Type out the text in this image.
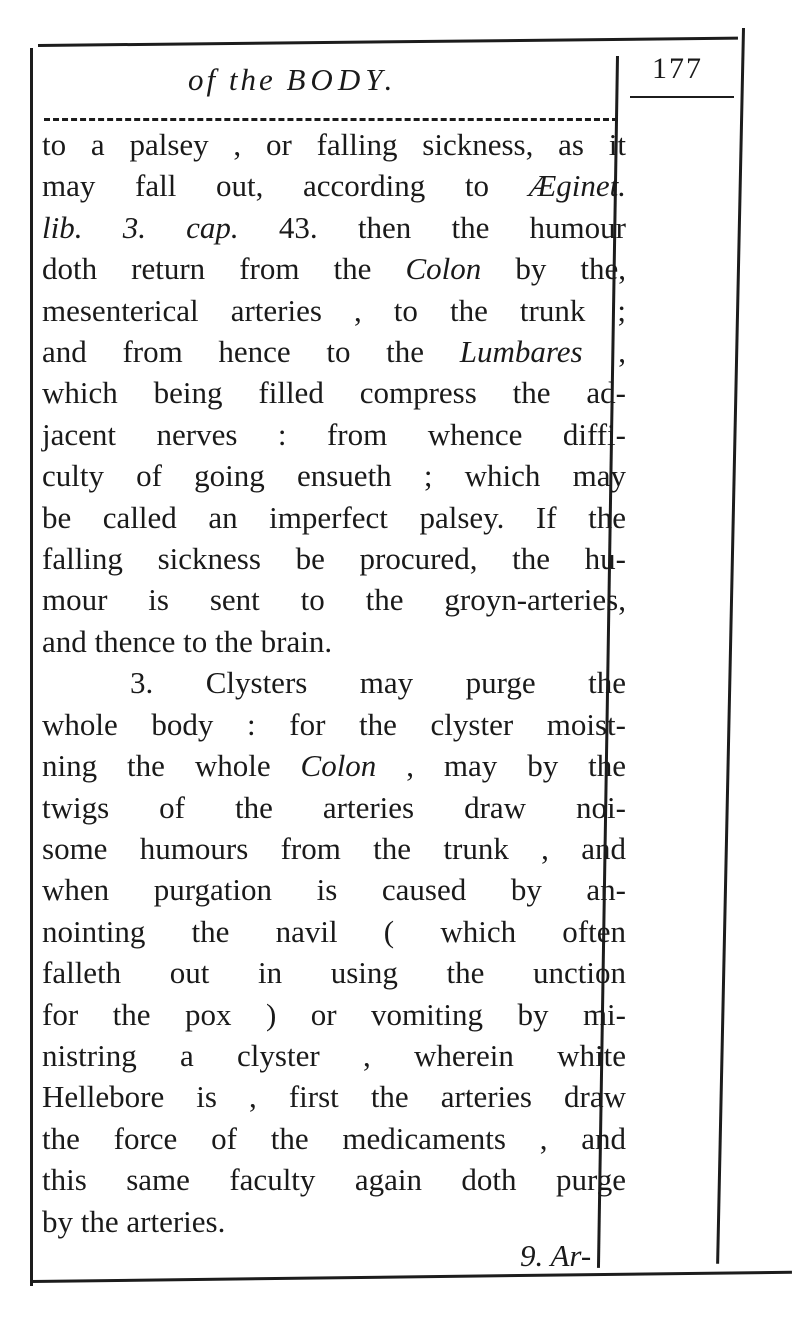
of the BODY.	177
to a palsey , or falling sickness, as it
may fall out, according to Æginet.
lib. 3. cap. 43. then the humour
doth return from the Colon by the,
mesenterical arteries , to the trunk ;
and from hence to the Lumbares ,
which being filled compress the ad-
jacent nerves : from whence diffi-
culty of going ensueth ; which may
be called an imperfect palsey. If the
falling sickness be procured, the hu-
mour is sent to the groyn-arteries,
and thence to the brain.
3. Clysters may purge the
whole body : for the clyster moist-
ning the whole Colon , may by the
twigs of the arteries draw noi-
some humours from the trunk , and
when purgation is caused by an-
nointing the navil ( which often
falleth out in using the unction
for the pox ) or vomiting by mi-
nistring a clyster , wherein white
Hellebore is , first the arteries draw
the force of the medicaments , and
this same faculty again doth purge
by the arteries.
9. Ar-
